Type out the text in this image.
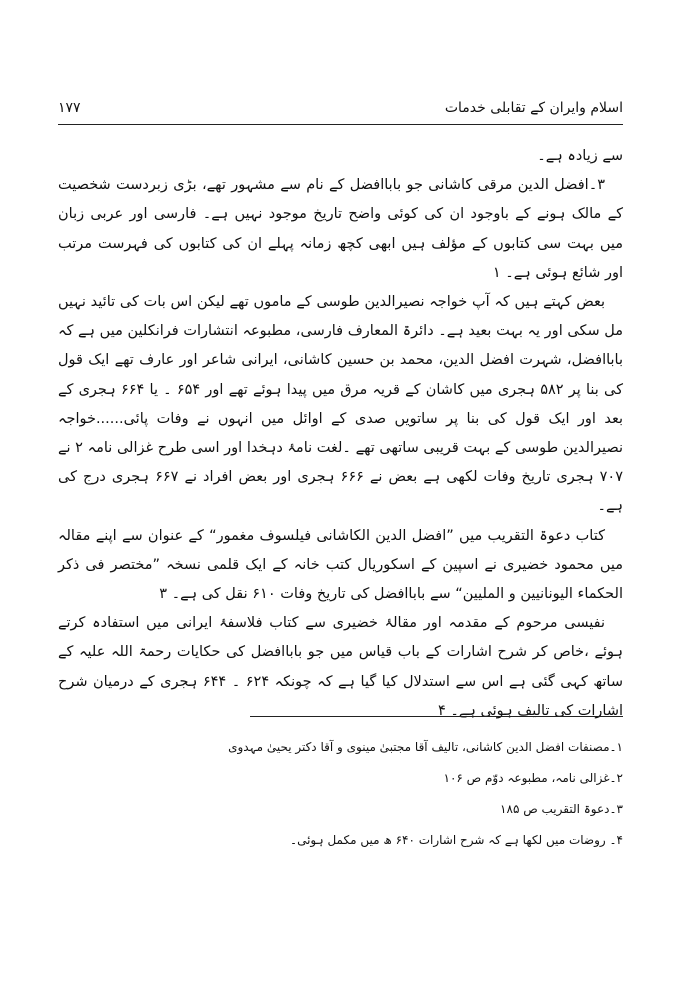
اسلام وایران کے تقابلی خدمات
۱۷۷

سے زیادہ ہے۔

۳۔افضل الدین مرقی کاشانی جو باباافضل کے نام سے مشہور تھے، بڑی زبردست شخصیت کے مالک ہونے کے باوجود ان کی کوئی واضح تاریخ موجود نہیں ہے۔ فارسی اور عربی زبان میں بہت سی کتابوں کے مؤلف ہیں ابھی کچھ زمانہ پہلے ان کی کتابوں کی فہرست مرتب اور شائع ہوئی ہے۔ ۱

بعض کہتے ہیں کہ آپ خواجہ نصیرالدین طوسی کے ماموں تھے لیکن اس بات کی تائید نہیں مل سکی اور یہ بہت بعید ہے۔ دائرۃ المعارف فارسی، مطبوعہ انتشارات فرانکلین میں ہے کہ باباافضل، شہرت افضل الدین، محمد بن حسین کاشانی، ایرانی شاعر اور عارف تھے ایک قول کی بنا پر ۵۸۲ ہجری میں کاشان کے قریہ مرق میں پیدا ہوئے تھے اور ۶۵۴ ۔ یا ۶۶۴ ہجری کے بعد اور ایک قول کی بنا پر ساتویں صدی کے اوائل میں انہوں نے وفات پائی......خواجہ نصیرالدین طوسی کے بہت قریبی ساتھی تھے ۔لغت نامۂ دہخدا اور اسی طرح غزالی نامہ ۲ نے ۷۰۷ ہجری تاریخ وفات لکھی ہے بعض نے ۶۶۶ ہجری اور بعض افراد نے ۶۶۷ ہجری درج کی ہے۔

کتاب دعوۃ التقریب میں ”افضل الدین الکاشانی فیلسوف مغمور“ کے عنوان سے اپنے مقالہ میں محمود خضیری نے اسپین کے اسکوریال کتب خانہ کے ایک قلمی نسخہ ”مختصر فی ذکر الحکماء الیونانیین و الملیین“ سے باباافضل کی تاریخ وفات ۶۱۰ نقل کی ہے۔ ۳

نفیسی مرحوم کے مقدمہ اور مقالۂ خضیری سے کتاب فلاسفۂ ایرانی میں استفادہ کرتے ہوئے ،خاص کر شرح اشارات کے باب قیاس میں جو باباافضل کی حکایات رحمۃ اللہ علیہ کے ساتھ کہی گئی ہے اس سے استدلال کیا گیا ہے کہ چونکہ ۶۲۴ ۔ ۶۴۴ ہجری کے درمیان شرح اشارات کی تالیف ہوئی ہے۔ ۴

۱۔مصنفات افضل الدین کاشانی، تالیف آقا مجتبیٰ مینوی و آقا دکتر یحییٰ مہدوی
۲۔غزالی نامہ، مطبوعہ دوّم ص ۱۰۶
۳۔دعوۃ التقریب ص ۱۸۵
۴۔ روضات میں لکھا ہے کہ شرح اشارات ۶۴۰ ھ میں مکمل ہوئی۔
